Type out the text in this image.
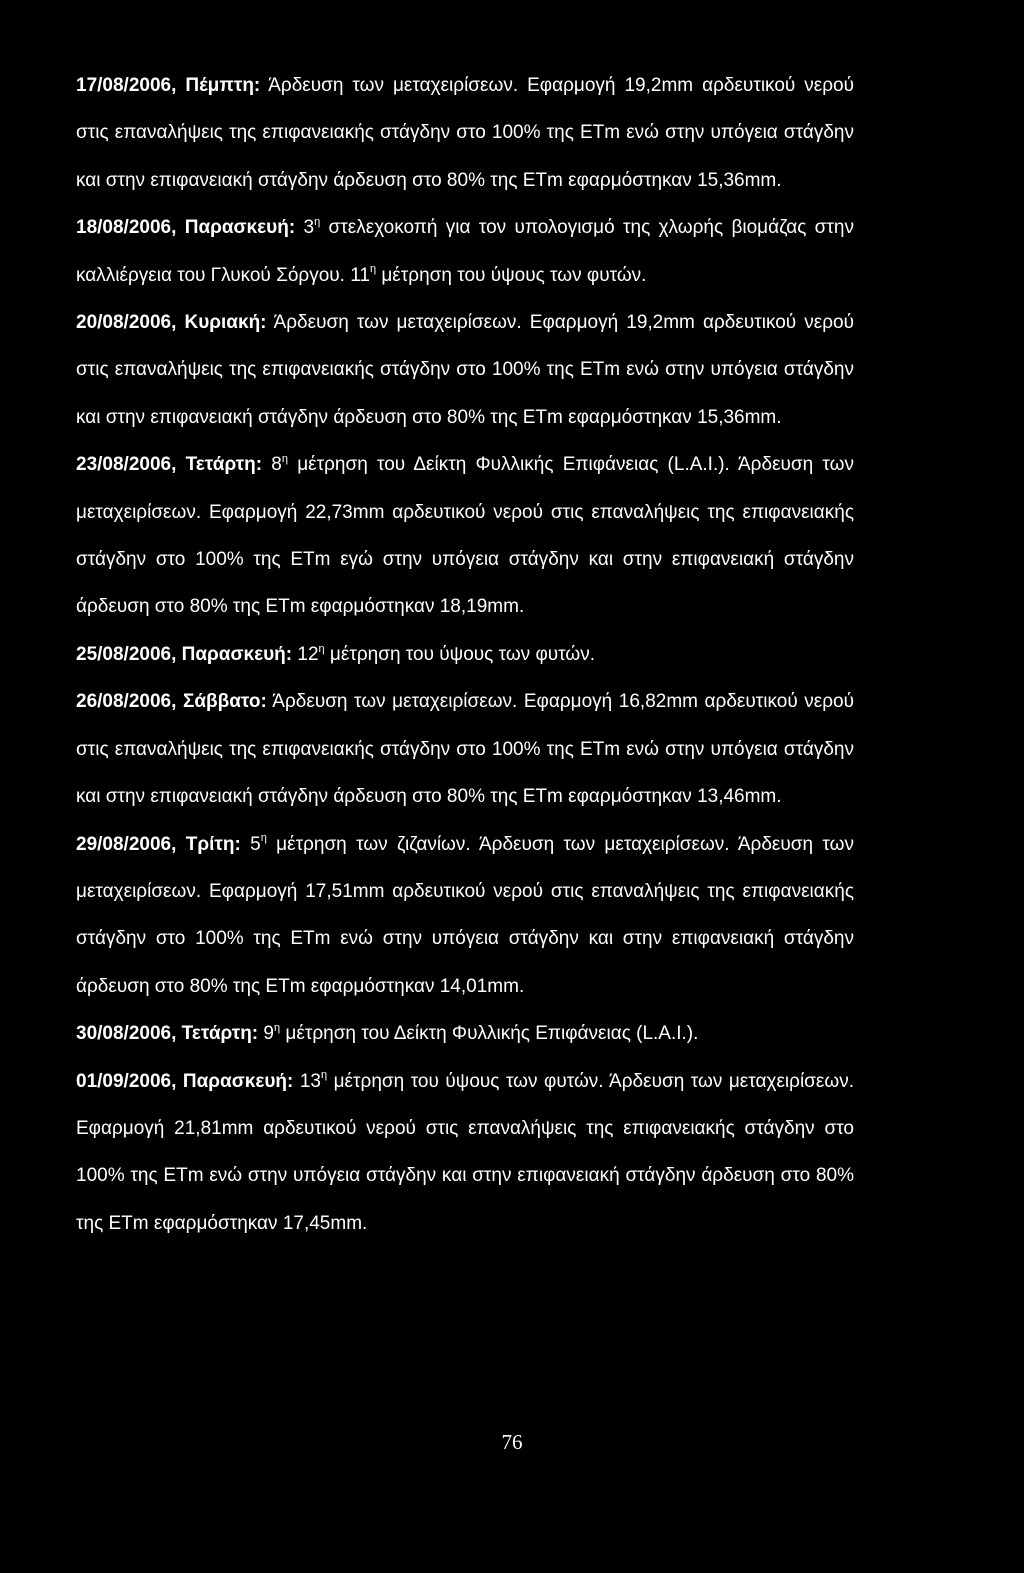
17/08/2006, Πέμπτη: Άρδευση των μεταχειρίσεων. Εφαρμογή 19,2mm αρδευτικού νερού στις επαναλήψεις της επιφανειακής στάγδην στο 100% της ETm ενώ στην υπόγεια στάγδην και στην επιφανειακή στάγδην άρδευση στο 80% της ETm εφαρμόστηκαν 15,36mm.

18/08/2006, Παρασκευή: $3^\eta$ στελεχοκοπή για τον υπολογισμό της χλωρής βιομάζας στην καλλιέργεια του Γλυκού Σόργου. $11^\eta$ μέτρηση του ύψους των φυτών.

20/08/2006, Κυριακή: Άρδευση των μεταχειρίσεων. Εφαρμογή 19,2mm αρδευτικού νερού στις επαναλήψεις της επιφανειακής στάγδην στο 100% της ETm ενώ στην υπόγεια στάγδην και στην επιφανειακή στάγδην άρδευση στο 80% της ETm εφαρμόστηκαν 15,36mm.

23/08/2006, Τετάρτη: $8^\eta$ μέτρηση του Δείκτη Φυλλικής Επιφάνειας (L.A.I.). Άρδευση των μεταχειρίσεων. Εφαρμογή 22,73mm αρδευτικού νερού στις επαναλήψεις της επιφανειακής στάγδην στο 100% της ETm εγώ στην υπόγεια στάγδην και στην επιφανειακή στάγδην άρδευση στο 80% της ETm εφαρμόστηκαν 18,19mm.

25/08/2006, Παρασκευή: $12^\eta$ μέτρηση του ύψους των φυτών.

26/08/2006, Σάββατο: Άρδευση των μεταχειρίσεων. Εφαρμογή 16,82mm αρδευτικού νερού στις επαναλήψεις της επιφανειακής στάγδην στο 100% της ETm ενώ στην υπόγεια στάγδην και στην επιφανειακή στάγδην άρδευση στο 80% της ETm εφαρμόστηκαν 13,46mm.

29/08/2006, Τρίτη: $5^\eta$ μέτρηση των ζιζανίων. Άρδευση των μεταχειρίσεων. Άρδευση των μεταχειρίσεων. Εφαρμογή 17,51mm αρδευτικού νερού στις επαναλήψεις της επιφανειακής στάγδην στο 100% της ETm ενώ στην υπόγεια στάγδην και στην επιφανειακή στάγδην άρδευση στο 80% της ETm εφαρμόστηκαν 14,01mm.

30/08/2006, Τετάρτη: $9^\eta$ μέτρηση του Δείκτη Φυλλικής Επιφάνειας (L.A.I.).

01/09/2006, Παρασκευή: $13^\eta$ μέτρηση του ύψους των φυτών. Άρδευση των μεταχειρίσεων. Εφαρμογή 21,81mm αρδευτικού νερού στις επαναλήψεις της επιφανειακής στάγδην στο 100% της ETm ενώ στην υπόγεια στάγδην και στην επιφανειακή στάγδην άρδευση στο 80% της ETm εφαρμόστηκαν 17,45mm.

76
